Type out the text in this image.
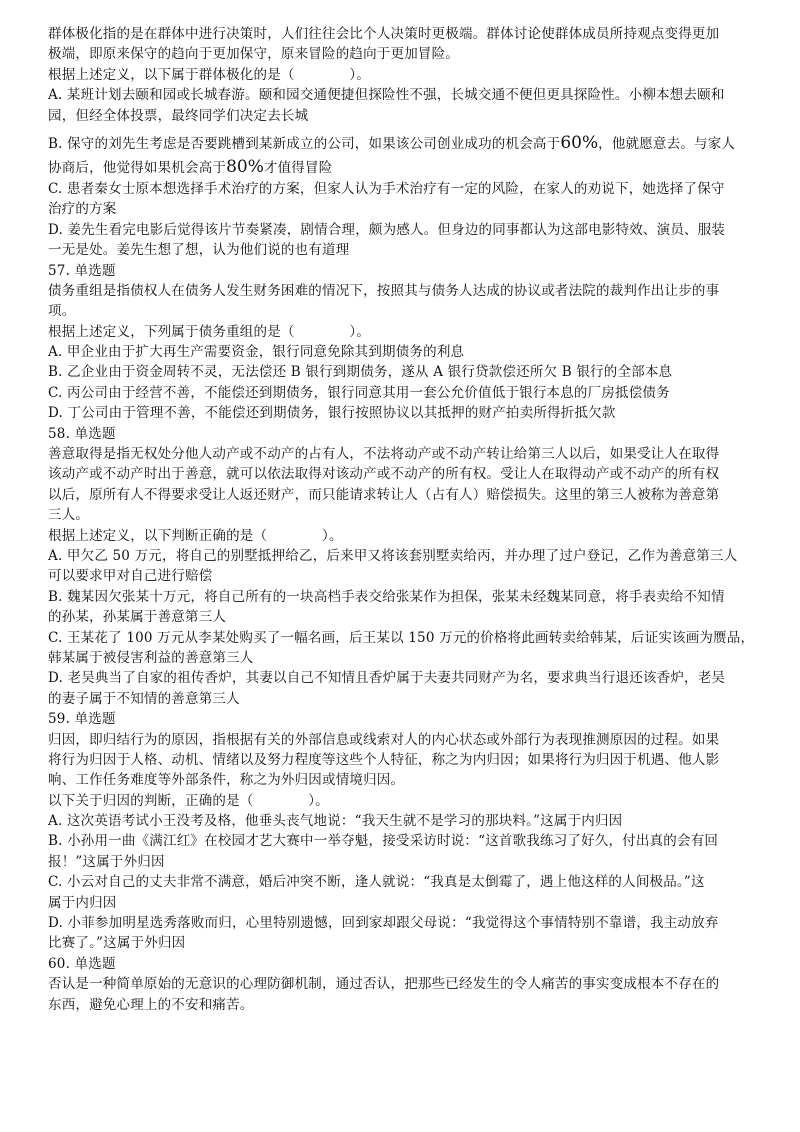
群体极化指的是在群体中进行决策时，人们往往会比个人决策时更极端。群体讨论使群体成员所持观点变得更加
极端，即原来保守的趋向于更加保守，原来冒险的趋向于更加冒险。
根据上述定义，以下属于群体极化的是（　　　　）。
A. 某班计划去颐和园或长城春游。颐和园交通便捷但探险性不强，长城交通不便但更具探险性。小柳本想去颐和
园，但经全体投票，最终同学们决定去长城
B. 保守的刘先生考虑是否要跳槽到某新成立的公司，如果该公司创业成功的机会高于60%，他就愿意去。与家人
协商后，他觉得如果机会高于80%才值得冒险
C. 患者秦女士原本想选择手术治疗的方案，但家人认为手术治疗有一定的风险，在家人的劝说下，她选择了保守
治疗的方案
D. 姜先生看完电影后觉得该片节奏紧凑，剧情合理，颇为感人。但身边的同事都认为这部电影特效、演员、服装
一无是处。姜先生想了想，认为他们说的也有道理
57. 单选题
债务重组是指债权人在债务人发生财务困难的情况下，按照其与债务人达成的协议或者法院的裁判作出让步的事
项。
根据上述定义，下列属于债务重组的是（　　　　）。
A. 甲企业由于扩大再生产需要资金，银行同意免除其到期债务的利息
B. 乙企业由于资金周转不灵，无法偿还 B 银行到期债务，遂从 A 银行贷款偿还所欠 B 银行的全部本息
C. 丙公司由于经营不善，不能偿还到期债务，银行同意其用一套公允价值低于银行本息的厂房抵偿债务
D. 丁公司由于管理不善，不能偿还到期债务，银行按照协议以其抵押的财产拍卖所得折抵欠款
58. 单选题
善意取得是指无权处分他人动产或不动产的占有人，不法将动产或不动产转让给第三人以后，如果受让人在取得
该动产或不动产时出于善意，就可以依法取得对该动产或不动产的所有权。受让人在取得动产或不动产的所有权
以后，原所有人不得要求受让人返还财产，而只能请求转让人（占有人）赔偿损失。这里的第三人被称为善意第
三人。
根据上述定义，以下判断正确的是（　　　　）。
A. 甲欠乙 50 万元，将自己的别墅抵押给乙，后来甲又将该套别墅卖给丙，并办理了过户登记，乙作为善意第三人
可以要求甲对自己进行赔偿
B. 魏某因欠张某十万元，将自己所有的一块高档手表交给张某作为担保，张某未经魏某同意，将手表卖给不知情
的孙某，孙某属于善意第三人
C. 王某花了 100 万元从李某处购买了一幅名画，后王某以 150 万元的价格将此画转卖给韩某，后证实该画为赝品，
韩某属于被侵害利益的善意第三人
D. 老吴典当了自家的祖传香炉，其妻以自己不知情且香炉属于夫妻共同财产为名，要求典当行退还该香炉，老吴
的妻子属于不知情的善意第三人
59. 单选题
归因，即归结行为的原因，指根据有关的外部信息或线索对人的内心状态或外部行为表现推测原因的过程。如果
将行为归因于人格、动机、情绪以及努力程度等这些个人特征，称之为内归因；如果将行为归因于机遇、他人影
响、工作任务难度等外部条件，称之为外归因或情境归因。
以下关于归因的判断，正确的是（　　　　）。
A. 这次英语考试小王没考及格，他垂头丧气地说：“我天生就不是学习的那块料。”这属于内归因
B. 小孙用一曲《满江红》在校园才艺大赛中一举夺魁，接受采访时说：“这首歌我练习了好久，付出真的会有回
报！”这属于外归因
C. 小云对自己的丈夫非常不满意，婚后冲突不断，逢人就说：“我真是太倒霉了，遇上他这样的人间极品。”这
属于内归因
D. 小菲参加明星选秀落败而归，心里特别遗憾，回到家却跟父母说：“我觉得这个事情特别不靠谱，我主动放弃
比赛了。”这属于外归因
60. 单选题
否认是一种简单原始的无意识的心理防御机制，通过否认，把那些已经发生的令人痛苦的事实变成根本不存在的
东西，避免心理上的不安和痛苦。
